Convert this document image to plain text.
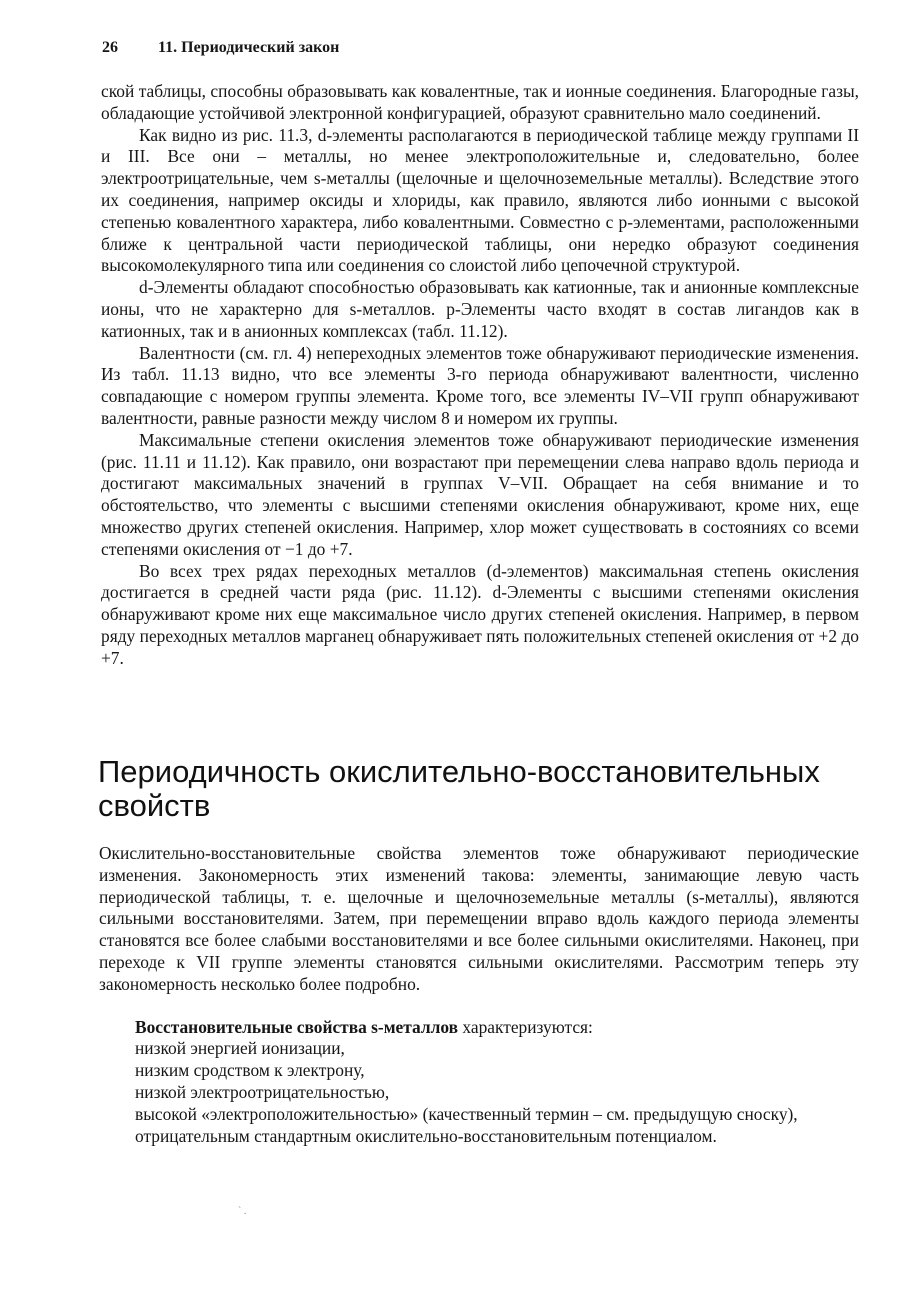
26	11. Периодический закон

ской таблицы, способны образовывать как ковалентные, так и ионные соединения. Благородные газы, обладающие устойчивой электронной конфигурацией, образуют сравнительно мало соединений.

Как видно из рис. 11.3, d-элементы располагаются в периодической таблице между группами II и III. Все они – металлы, но менее электроположительные и, следовательно, более электроотрицательные, чем s-металлы (щелочные и щелочноземельные металлы). Вследствие этого их соединения, например оксиды и хлориды, как правило, являются либо ионными с высокой степенью ковалентного характера, либо ковалентными. Совместно с p-элементами, расположенными ближе к центральной части периодической таблицы, они нередко образуют соединения высокомолекулярного типа или соединения со слоистой либо цепочечной структурой.

d-Элементы обладают способностью образовывать как катионные, так и анионные комплексные ионы, что не характерно для s-металлов. p-Элементы часто входят в состав лигандов как в катионных, так и в анионных комплексах (табл. 11.12).

Валентности (см. гл. 4) непереходных элементов тоже обнаруживают периодические изменения. Из табл. 11.13 видно, что все элементы 3-го периода обнаруживают валентности, численно совпадающие с номером группы элемента. Кроме того, все элементы IV–VII групп обнаруживают валентности, равные разности между числом 8 и номером их группы.

Максимальные степени окисления элементов тоже обнаруживают периодические изменения (рис. 11.11 и 11.12). Как правило, они возрастают при перемещении слева направо вдоль периода и достигают максимальных значений в группах V–VII. Обращает на себя внимание и то обстоятельство, что элементы с высшими степенями окисления обнаруживают, кроме них, еще множество других степеней окисления. Например, хлор может существовать в состояниях со всеми степенями окисления от −1 до +7.

Во всех трех рядах переходных металлов (d-элементов) максимальная степень окисления достигается в средней части ряда (рис. 11.12). d-Элементы с высшими степенями окисления обнаруживают кроме них еще максимальное число других степеней окисления. Например, в первом ряду переходных металлов марганец обнаруживает пять положительных степеней окисления от +2 до +7.

Периодичность окислительно-восстановительных свойств

Окислительно-восстановительные свойства элементов тоже обнаруживают периодические изменения. Закономерность этих изменений такова: элементы, занимающие левую часть периодической таблицы, т. е. щелочные и щелочноземельные металлы (s-металлы), являются сильными восстановителями. Затем, при перемещении вправо вдоль каждого периода элементы становятся все более слабыми восстановителями и все более сильными окислителями. Наконец, при переходе к VII группе элементы становятся сильными окислителями. Рассмотрим теперь эту закономерность несколько более подробно.

Восстановительные свойства s-металлов характеризуются:

низкой энергией ионизации,

низким сродством к электрону,

низкой электроотрицательностью,

высокой «электроположительностью» (качественный термин – см. предыдущую сноску),

отрицательным стандартным окислительно-восстановительным потенциалом.

` .
